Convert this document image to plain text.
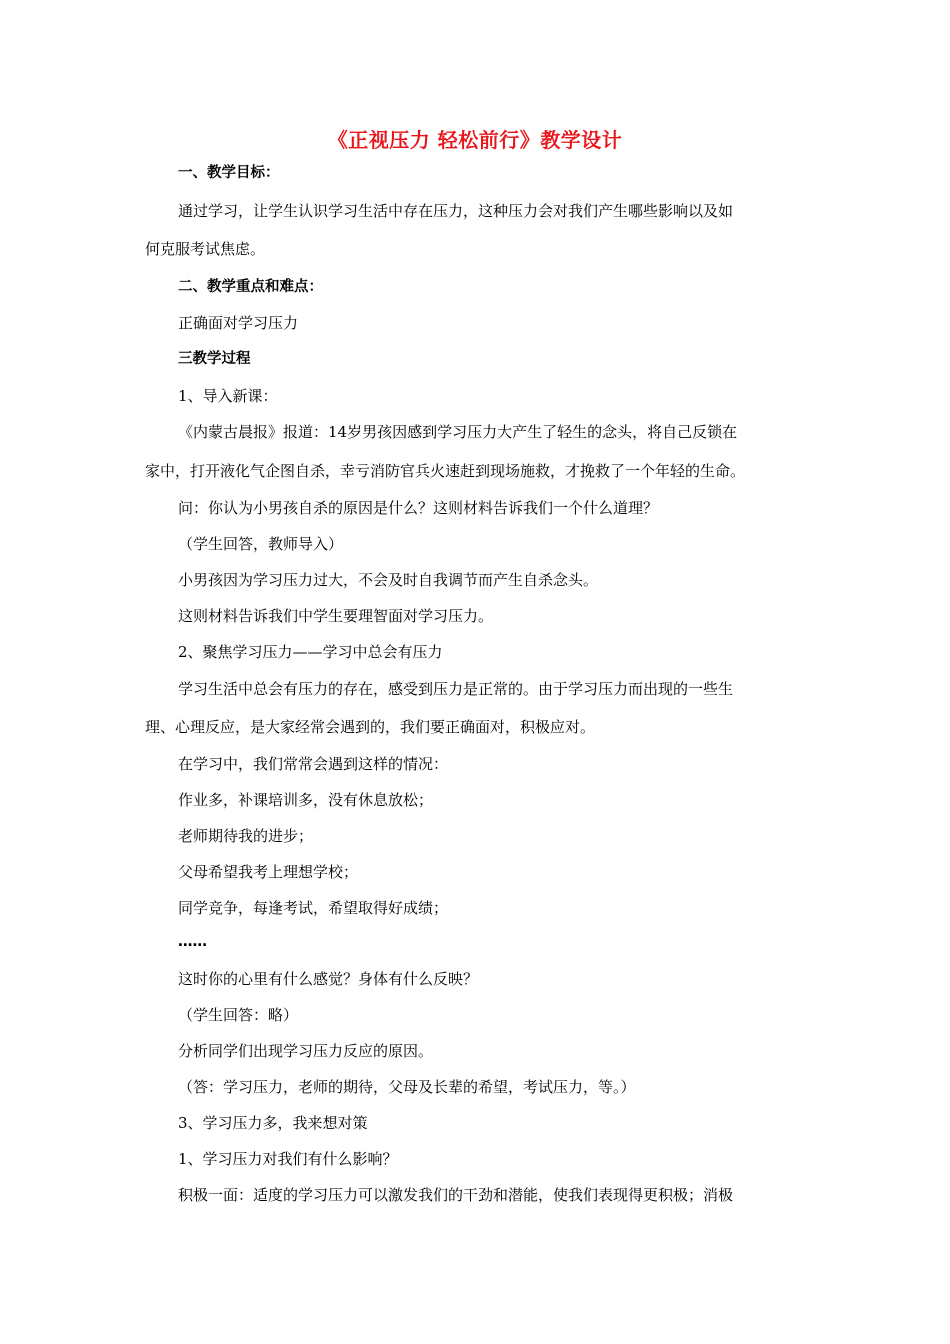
《正视压力 轻松前行》教学设计
一、教学目标：
通过学习，让学生认识学习生活中存在压力，这种压力会对我们产生哪些影响以及如
何克服考试焦虑。
二、教学重点和难点：
正确面对学习压力
三教学过程
1、导入新课：
《内蒙古晨报》报道：14岁男孩因感到学习压力大产生了轻生的念头，将自己反锁在
家中，打开液化气企图自杀，幸亏消防官兵火速赶到现场施救，才挽救了一个年轻的生命。
问：你认为小男孩自杀的原因是什么？这则材料告诉我们一个什么道理？
（学生回答，教师导入）
小男孩因为学习压力过大，不会及时自我调节而产生自杀念头。
这则材料告诉我们中学生要理智面对学习压力。
2、聚焦学习压力——学习中总会有压力
学习生活中总会有压力的存在，感受到压力是正常的。由于学习压力而出现的一些生
理、心理反应，是大家经常会遇到的，我们要正确面对，积极应对。
在学习中，我们常常会遇到这样的情况：
作业多，补课培训多，没有休息放松；
老师期待我的进步；
父母希望我考上理想学校；
同学竞争，每逢考试，希望取得好成绩；
……
这时你的心里有什么感觉？身体有什么反映？
（学生回答：略）
分析同学们出现学习压力反应的原因。
（答：学习压力，老师的期待，父母及长辈的希望，考试压力，等。）
3、学习压力多，我来想对策
1、学习压力对我们有什么影响？
积极一面：适度的学习压力可以激发我们的干劲和潜能，使我们表现得更积极；消极
